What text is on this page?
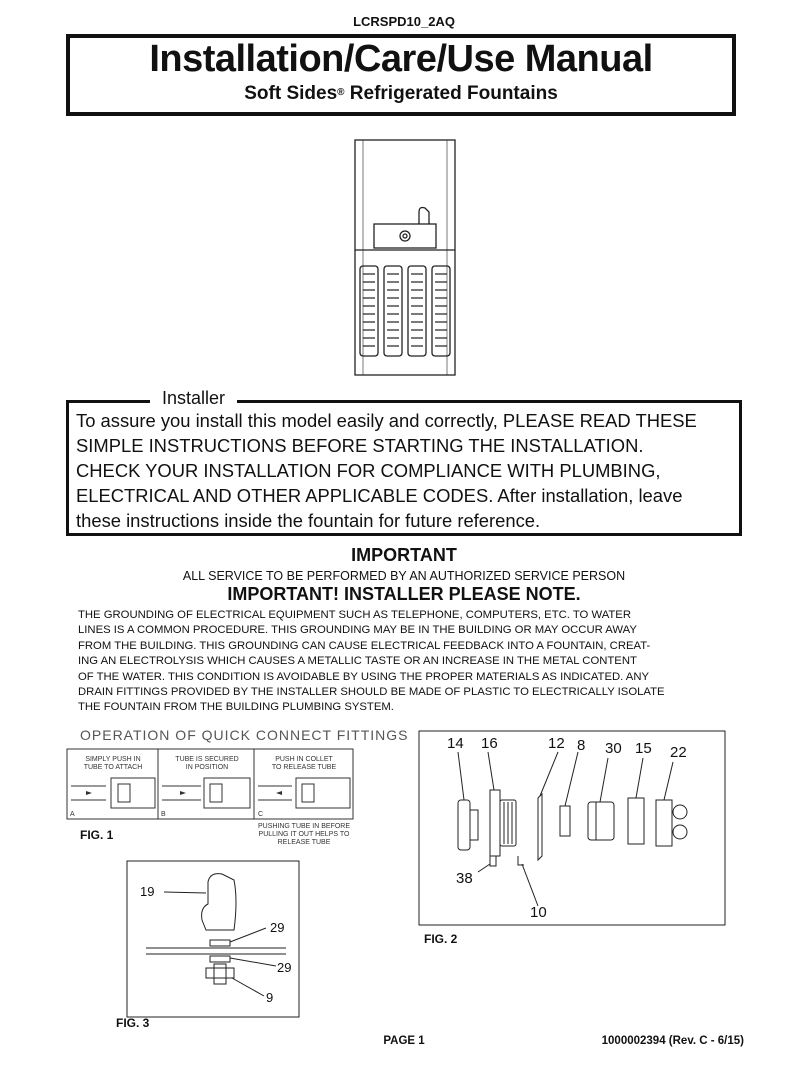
LCRSPD10_2AQ
Installation/Care/Use Manual
Soft Sides® Refrigerated Fountains
Installer
To assure you install this model easily and correctly, PLEASE READ THESE
SIMPLE INSTRUCTIONS BEFORE STARTING THE INSTALLATION.
CHECK YOUR INSTALLATION FOR COMPLIANCE WITH PLUMBING,
ELECTRICAL AND OTHER APPLICABLE CODES. After installation, leave
these instructions inside the fountain for future reference.
IMPORTANT
ALL SERVICE TO BE PERFORMED BY AN AUTHORIZED SERVICE PERSON
IMPORTANT! INSTALLER PLEASE NOTE.
THE GROUNDING OF ELECTRICAL EQUIPMENT SUCH AS TELEPHONE, COMPUTERS, ETC. TO WATER
LINES IS A COMMON PROCEDURE. THIS GROUNDING MAY BE IN THE BUILDING OR MAY OCCUR AWAY
FROM THE BUILDING. THIS GROUNDING CAN CAUSE ELECTRICAL FEEDBACK INTO A FOUNTAIN, CREAT-
ING AN ELECTROLYSIS WHICH CAUSES A METALLIC TASTE OR AN INCREASE IN THE METAL CONTENT
OF THE WATER. THIS CONDITION IS AVOIDABLE BY USING THE PROPER MATERIALS AS INDICATED. ANY
DRAIN FITTINGS PROVIDED BY THE INSTALLER SHOULD BE MADE OF PLASTIC TO ELECTRICALLY ISOLATE
THE FOUNTAIN FROM THE BUILDING PLUMBING SYSTEM.
OPERATION OF QUICK CONNECT FITTINGS
SIMPLY PUSH IN
TUBE TO ATTACH
TUBE IS SECURED
IN POSITION
PUSH IN COLLET
TO RELEASE TUBE
A	B	C
PUSHING TUBE IN BEFORE
PULLING IT OUT HELPS TO
RELEASE TUBE
FIG. 1
14 16	12 8 30 15 22
38
10
FIG. 2
19
29
29
9
FIG. 3
PAGE 1	1000002394 (Rev. C - 6/15)
